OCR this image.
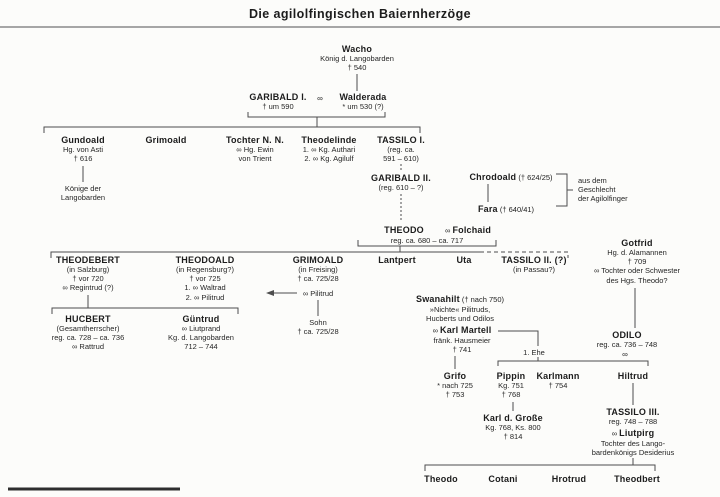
Die agilolfingischen Baiernherzöge
Wacho
König d. Langobarden
† 540
GARIBALD I.
† um 590
∞ Walderada
* um 530 (?)
Gundoald
Hg. von Asti
† 616
Könige der
Langobarden
Grimoald	Tochter N. N.
∞ Hg. Ewin
von Trient
Theodelinde
1. ∞ Kg. Authari
2. ∞ Kg. Agilulf
TASSILO I.
(reg. ca.
591 – 610)
GARIBALD II.
(reg. 610 – ?)
Chrodoald († 624/25)
Fara († 640/41)
aus dem
Geschlecht
der Agilolfinger
THEODO
reg. ca. 680 – ca. 717
∞ Folchaid
THEODEBERT
(in Salzburg)
† vor 720
∞ Regintrud (?)
THEODOALD
(in Regensburg?)
† vor 725
1. ∞ Waltrad
2. ∞ Pilitrud
GRIMOALD
(in Freising)
† ca. 725/28
∞ Pilitrud
Sohn
† ca. 725/28
Lantpert	Uta	TASSILO II. (?)
(in Passau?)
Gotfrid
Hg. d. Alamannen
† 709
∞ Tochter oder Schwester
des Hgs. Theodo?
HUCBERT
(Gesamtherrscher)
reg. ca. 728 – ca. 736
∞ Rattrud
Güntrud
∞ Liutprand
Kg. d. Langobarden
712 – 744
Swanahilt († nach 750)
»Nichte« Pilitruds,
Hucberts und Odilos
∞ Karl Martell
fränk. Hausmeier
† 741	1. Ehe
ODILO
reg. ca. 736 – 748
∞
Grifo
* nach 725
† 753
Pippin
Kg. 751
† 768
Karlmann
† 754
Hiltrud
Karl d. Große
Kg. 768, Ks. 800
† 814
TASSILO III.
reg. 748 – 788
∞ Liutpirg
Tochter des Lango-
bardenkönigs Desiderius
Theodo	Cotani	Hrotrud	Theodbert
